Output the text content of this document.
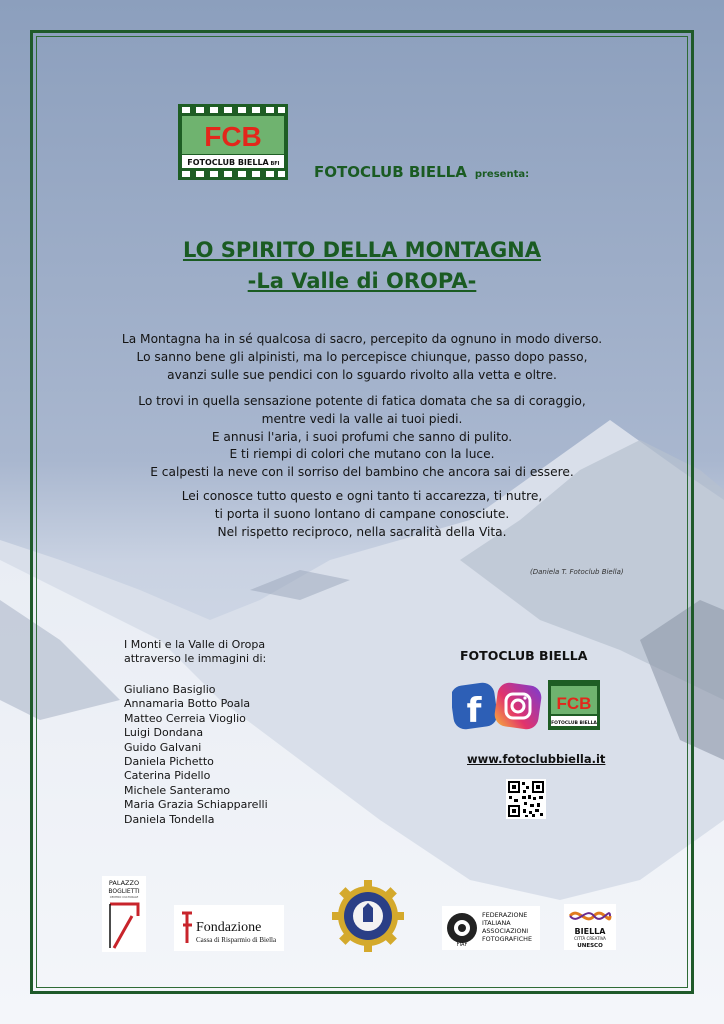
FCB
FOTOCLUB BIELLA BFI FOTOCLUB BIELLA presenta:
LO SPIRITO DELLA MONTAGNA
-La Valle di OROPA-
La Montagna ha in sé qualcosa di sacro, percepito da ognuno in modo diverso.
Lo sanno bene gli alpinisti, ma lo percepisce chiunque, passo dopo passo,
avanzi sulle sue pendici con lo sguardo rivolto alla vetta e oltre.
Lo trovi in quella sensazione potente di fatica domata che sa di coraggio,
mentre vedi la valle ai tuoi piedi.
E annusi l'aria, i suoi profumi che sanno di pulito.
E ti riempi di colori che mutano con la luce.
E calpesti la neve con il sorriso del bambino che ancora sai di essere.
Lei conosce tutto questo e ogni tanto ti accarezza, ti nutre,
ti porta il suono lontano di campane conosciute.
Nel rispetto reciproco, nella sacralità della Vita.
(Daniela T. Fotoclub Biella)
I Monti e la Valle di Oropa
attraverso le immagini di:
Giuliano Basiglio
Annamaria Botto Poala
Matteo Cerreia Vioglio
Luigi Dondana
Guido Galvani
Daniela Pichetto
Caterina Pidello
Michele Santeramo
Maria Grazia Schiapparelli
Daniela Tondella
FOTOCLUB BIELLA
f	FCB
FOTOCLUB BIELLA
www.fotoclubbiella.it
PALAZZO
BOGLIETTI
CENTRO CULTURALE
Fondazione
Cassa di Risparmio di Biella
FIAF
FEDERAZIONE
ITALIANA
ASSOCIAZIONI
FOTOGRAFICHE
BIELLA
CITTÀ CREATIVA
UNESCO
